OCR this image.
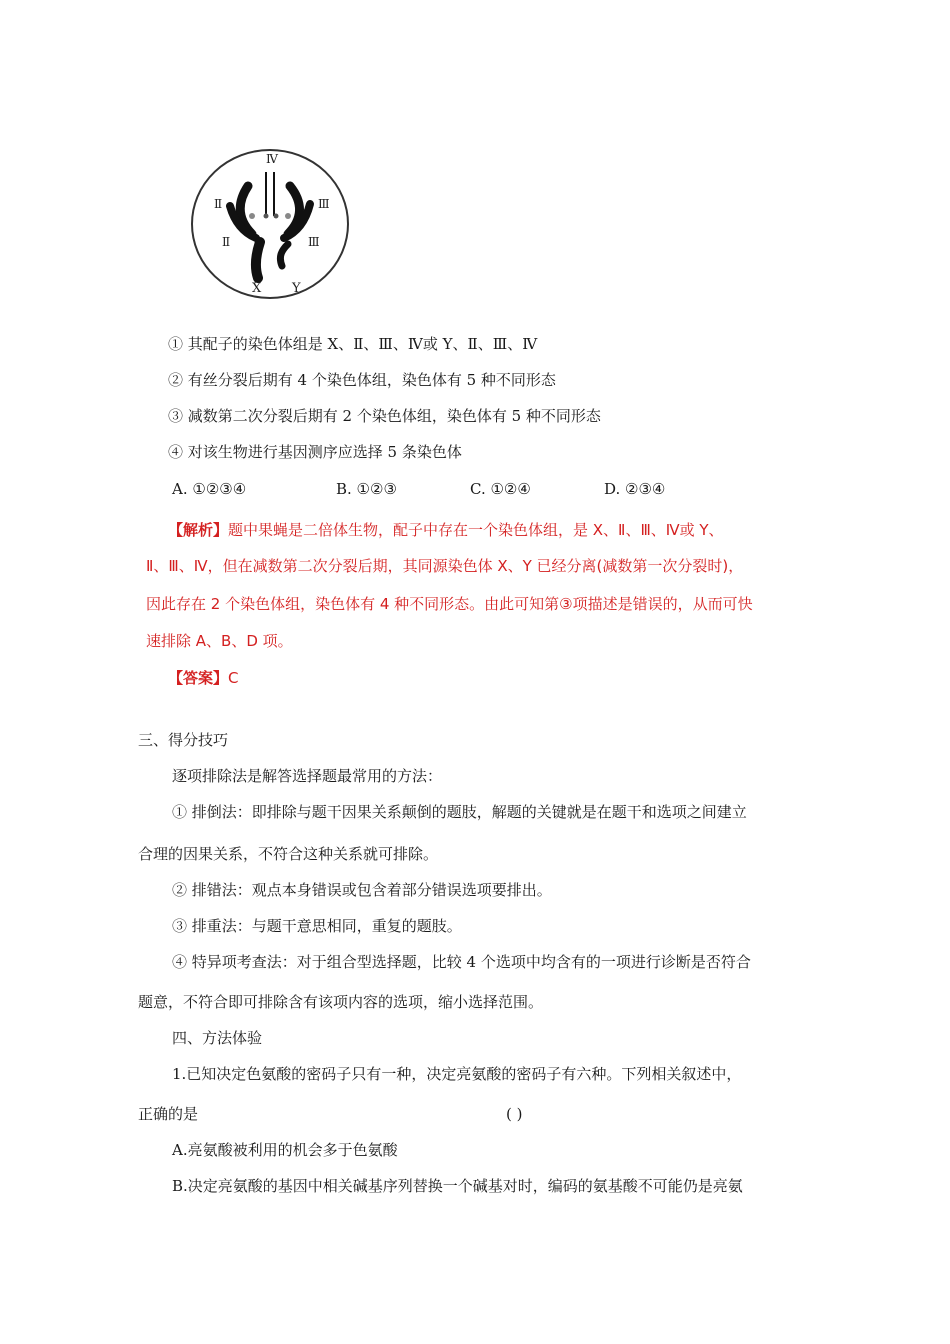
Ⅳ
Ⅱ
Ⅱ
Ⅲ
Ⅲ
X Y
① 其配子的染色体组是 X、Ⅱ、Ⅲ、Ⅳ或 Y、Ⅱ、Ⅲ、Ⅳ
② 有丝分裂后期有 4 个染色体组，染色体有 5 种不同形态
③ 减数第二次分裂后期有 2 个染色体组，染色体有 5 种不同形态
④ 对该生物进行基因测序应选择 5 条染色体
A. ①②③④	B. ①②③	C. ①②④	D. ②③④
【解析】题中果蝇是二倍体生物，配子中存在一个染色体组，是 X、Ⅱ、Ⅲ、Ⅳ或 Y、
Ⅱ、Ⅲ、Ⅳ，但在减数第二次分裂后期，其同源染色体 X、Y 已经分离(减数第一次分裂时)，
因此存在 2 个染色体组，染色体有 4 种不同形态。由此可知第③项描述是错误的，从而可快
速排除 A、B、D 项。
【答案】C
三、得分技巧
逐项排除法是解答选择题最常用的方法：
① 排倒法：即排除与题干因果关系颠倒的题肢，解题的关键就是在题干和选项之间建立
合理的因果关系，不符合这种关系就可排除。
② 排错法：观点本身错误或包含着部分错误选项要排出。
③ 排重法：与题干意思相同，重复的题肢。
④ 特异项考查法：对于组合型选择题，比较 4 个选项中均含有的一项进行诊断是否符合
题意，不符合即可排除含有该项内容的选项，缩小选择范围。
四、方法体验
1.已知决定色氨酸的密码子只有一种，决定亮氨酸的密码子有六种。下列相关叙述中，
正确的是	( )
A.亮氨酸被利用的机会多于色氨酸
B.决定亮氨酸的基因中相关碱基序列替换一个碱基对时，编码的氨基酸不可能仍是亮氨
